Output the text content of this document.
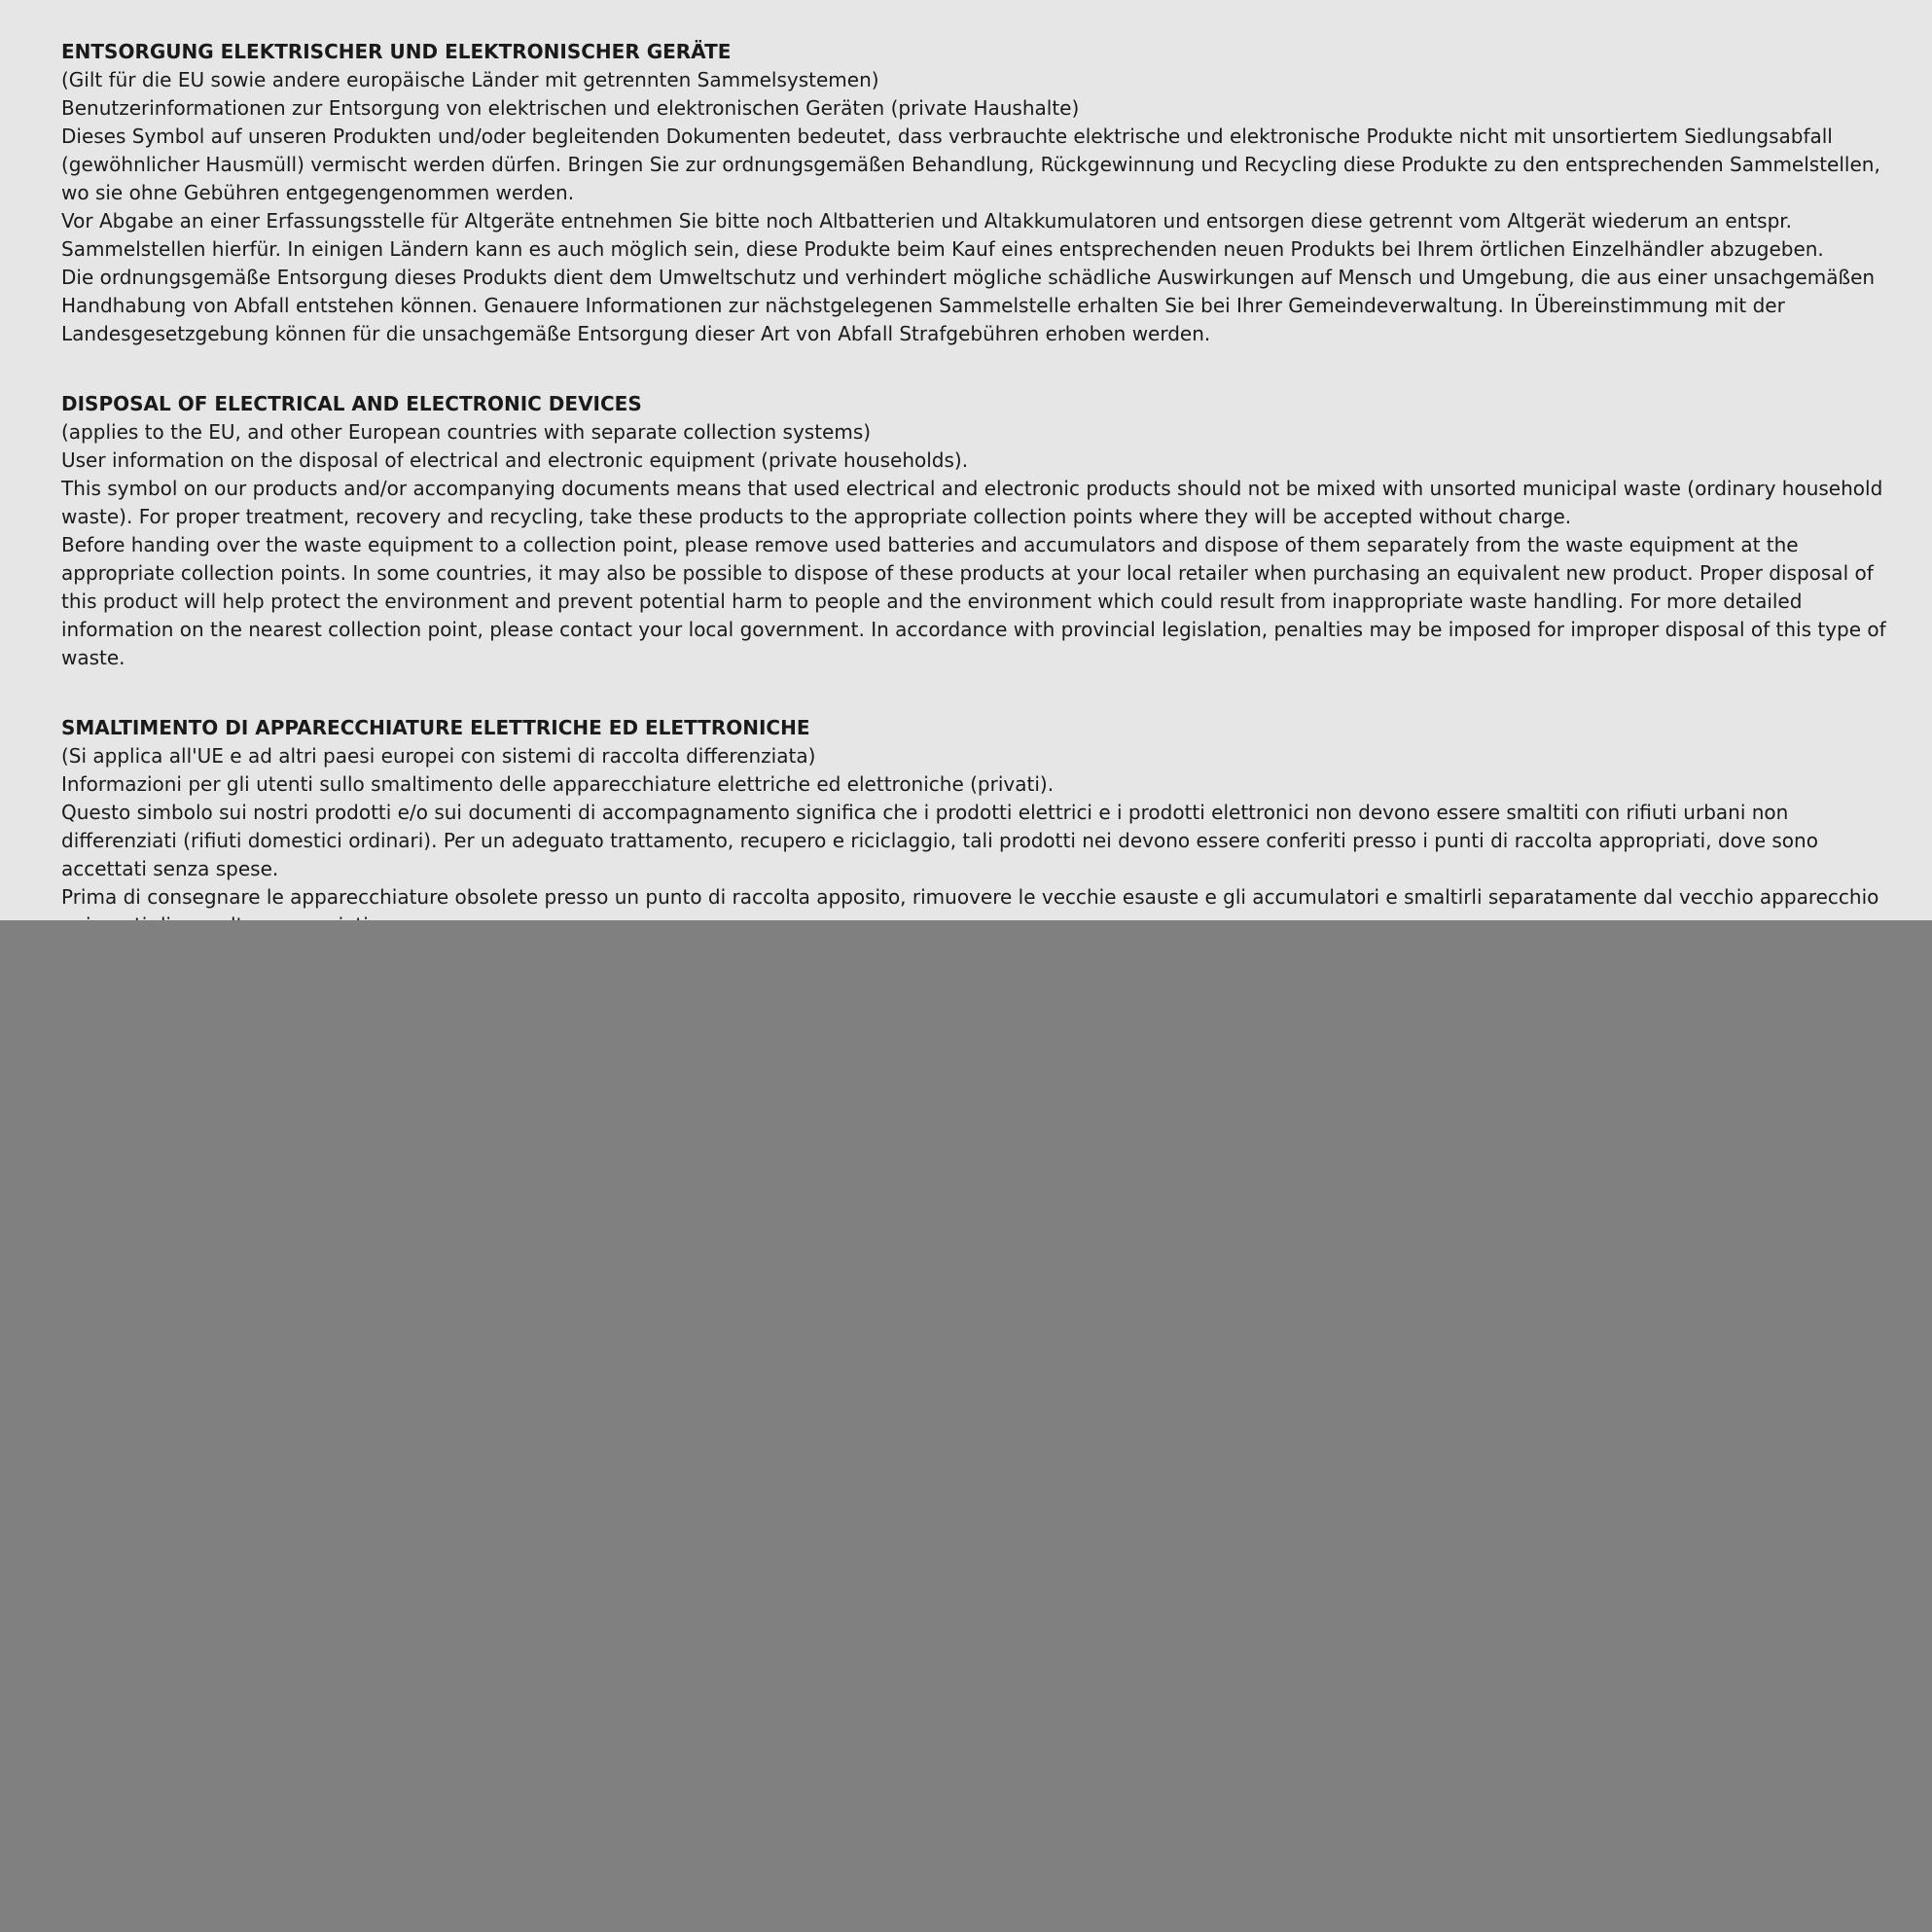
ENTSORGUNG ELEKTRISCHER UND ELEKTRONISCHER GERÄTE

(Gilt für die EU sowie andere europäische Länder mit getrennten Sammelsystemen)

Benutzerinformationen zur Entsorgung von elektrischen und elektronischen Geräten (private Haushalte)

Dieses Symbol auf unseren Produkten und/oder begleitenden Dokumenten bedeutet, dass verbrauchte elektrische und elektronische Produkte nicht mit unsortiertem Siedlungsabfall (gewöhnlicher Hausmüll) vermischt werden dürfen. Bringen Sie zur ordnungsgemäßen Behandlung, Rückgewinnung und Recycling diese Produkte zu den entsprechenden Sammelstellen, wo sie ohne Gebühren entgegengenommen werden.

Vor Abgabe an einer Erfassungsstelle für Altgeräte entnehmen Sie bitte noch Altbatterien und Altakkumulatoren und entsorgen diese getrennt vom Altgerät wiederum an entspr. Sammelstellen hierfür. In einigen Ländern kann es auch möglich sein, diese Produkte beim Kauf eines entsprechenden neuen Produkts bei Ihrem örtlichen Einzelhändler abzugeben.

Die ordnungsgemäße Entsorgung dieses Produkts dient dem Umweltschutz und verhindert mögliche schädliche Auswirkungen auf Mensch und Umgebung, die aus einer unsachgemäßen Handhabung von Abfall entstehen können. Genauere Informationen zur nächstgelegenen Sammelstelle erhalten Sie bei Ihrer Gemeindeverwaltung. In Übereinstimmung mit der Landesgesetzgebung können für die unsachgemäße Entsorgung dieser Art von Abfall Strafgebühren erhoben werden.

DISPOSAL OF ELECTRICAL AND ELECTRONIC DEVICES

(applies to the EU, and other European countries with separate collection systems)

User information on the disposal of electrical and electronic equipment (private households).

This symbol on our products and/or accompanying documents means that used electrical and electronic products should not be mixed with unsorted municipal waste (ordinary household waste). For proper treatment, recovery and recycling, take these products to the appropriate collection points where they will be accepted without charge.

Before handing over the waste equipment to a collection point, please remove used batteries and accumulators and dispose of them separately from the waste equipment at the appropriate collection points. In some countries, it may also be possible to dispose of these products at your local retailer when purchasing an equivalent new product. Proper disposal of this product will help protect the environment and prevent potential harm to people and the environment which could result from inappropriate waste handling. For more detailed information on the nearest collection point, please contact your local government. In accordance with provincial legislation, penalties may be imposed for improper disposal of this type of waste.

SMALTIMENTO DI APPARECCHIATURE ELETTRICHE ED ELETTRONICHE

(Si applica all'UE e ad altri paesi europei con sistemi di raccolta differenziata)

Informazioni per gli utenti sullo smaltimento delle apparecchiature elettriche ed elettroniche (privati).

Questo simbolo sui nostri prodotti e/o sui documenti di accompagnamento significa che i prodotti elettrici e i prodotti elettronici non devono essere smaltiti con rifiuti urbani non differenziati (rifiuti domestici ordinari). Per un adeguato trattamento, recupero e riciclaggio, tali prodotti nei devono essere conferiti presso i punti di raccolta appropriati, dove sono accettati senza spese.

Prima di consegnare le apparecchiature obsolete presso un punto di raccolta apposito, rimuovere le vecchie esauste e gli accumulatori e smaltirli separatamente dal vecchio apparecchio
